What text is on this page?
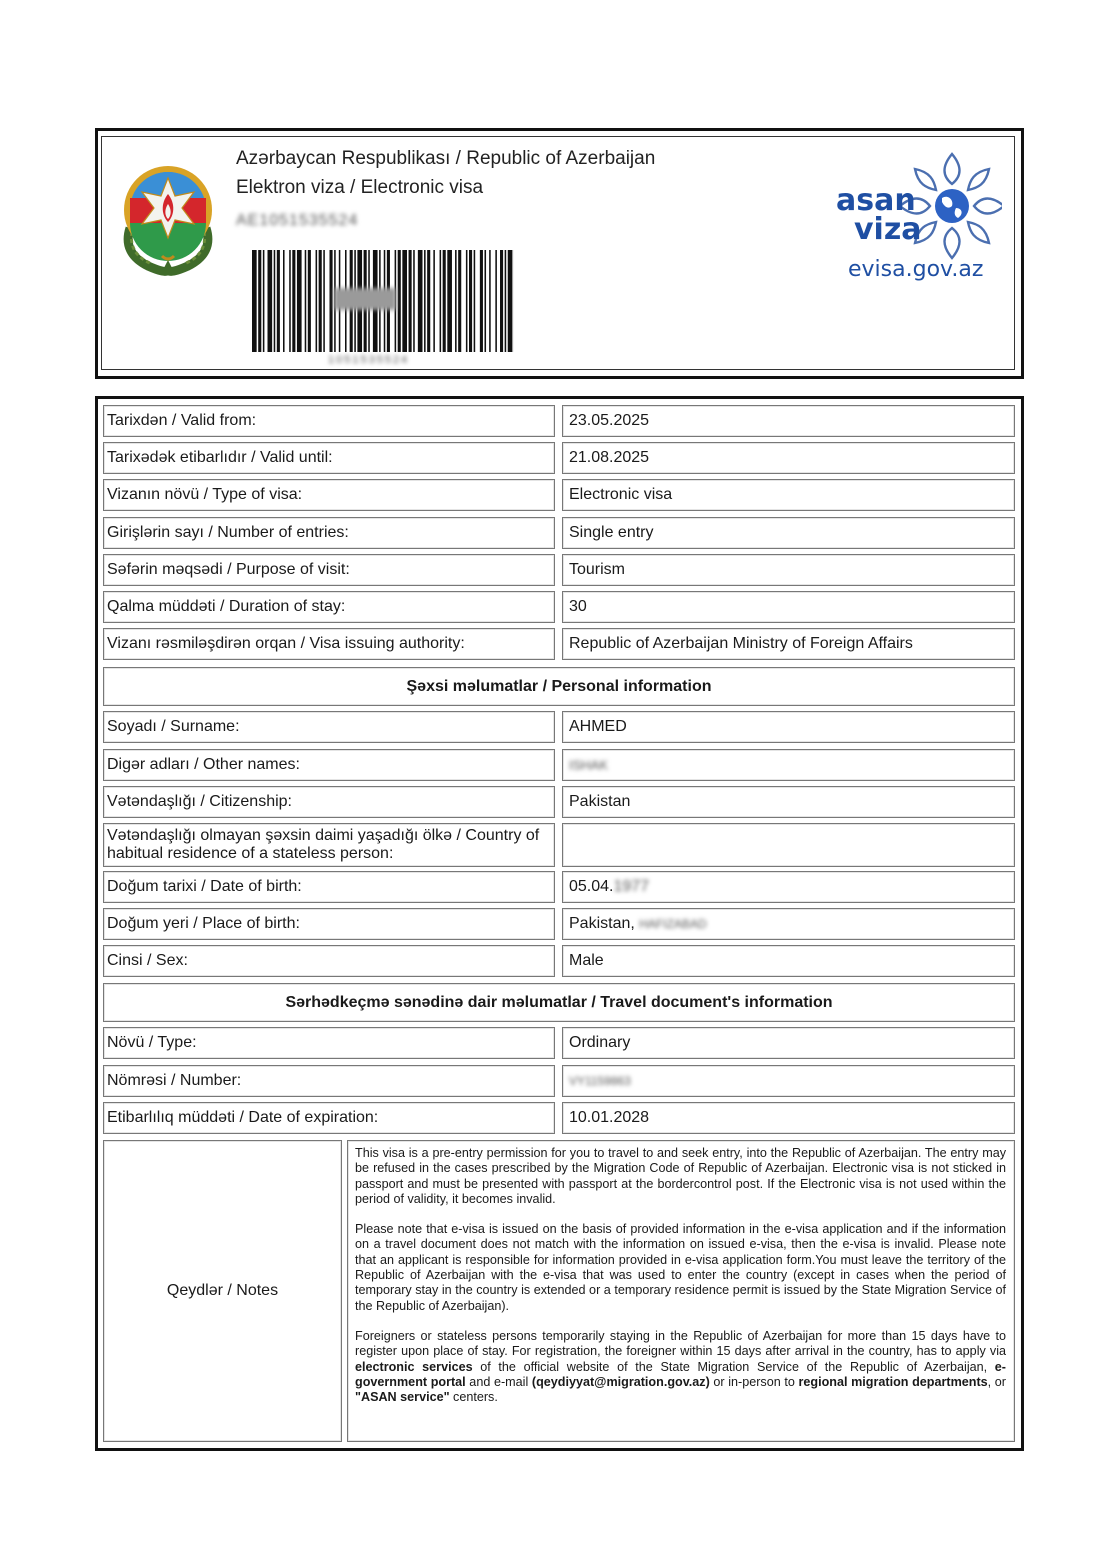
Azərbaycan Respublikası / Republic of Azerbaijan
Elektron viza / Electronic visa
AE1051535524
1051535524
asan
viza
evisa.gov.az
Tarixdən / Valid from:	23.05.2025
Tarixədək etibarlıdır / Valid until:	21.08.2025
Vizanın növü / Type of visa:	Electronic visa
Girişlərin sayı / Number of entries:	Single entry
Səfərin məqsədi / Purpose of visit:	Tourism
Qalma müddəti / Duration of stay:	30
Vizanı rəsmiləşdirən orqan / Visa issuing authority:	Republic of Azerbaijan Ministry of Foreign Affairs
Şəxsi məlumatlar / Personal information
Soyadı / Surname:	AHMED
Digər adları / Other names:	ISHAK
Vətəndaşlığı / Citizenship:	Pakistan
Vətəndaşlığı olmayan şəxsin daimi yaşadığı ölkə / Country of habitual residence of a stateless person:
Doğum tarixi / Date of birth:	05.04.1977
Doğum yeri / Place of birth:	Pakistan, HAFIZABAD
Cinsi / Sex:	Male
Sərhədkeçmə sənədinə dair məlumatlar / Travel document's information
Növü / Type:	Ordinary
Nömrəsi / Number:	VY1159863
Etibarlılıq müddəti / Date of expiration:	10.01.2028
Qeydlər / Notes

This visa is a pre-entry permission for you to travel to and seek entry, into the Republic of Azerbaijan. The entry may be refused in the cases prescribed by the Migration Code of Republic of Azerbaijan. Electronic visa is not sticked in passport and must be presented with passport at the bordercontrol post. If the Electronic visa is not used within the period of validity, it becomes invalid.

Please note that e-visa is issued on the basis of provided information in the e-visa application and if the information on a travel document does not match with the information on issued e-visa, then the e-visa is invalid. Please note that an applicant is responsible for information provided in e-visa application form.You must leave the territory of the Republic of Azerbaijan with the e-visa that was used to enter the country (except in cases when the period of temporary stay in the country is extended or a temporary residence permit is issued by the State Migration Service of the Republic of Azerbaijan).

Foreigners or stateless persons temporarily staying in the Republic of Azerbaijan for more than 15 days have to register upon place of stay. For registration, the foreigner within 15 days after arrival in the country, has to apply via electronic services of the official website of the State Migration Service of the Republic of Azerbaijan, e-government portal and e-mail (qeydiyyat@migration.gov.az) or in-person to regional migration departments, or "ASAN service" centers.
